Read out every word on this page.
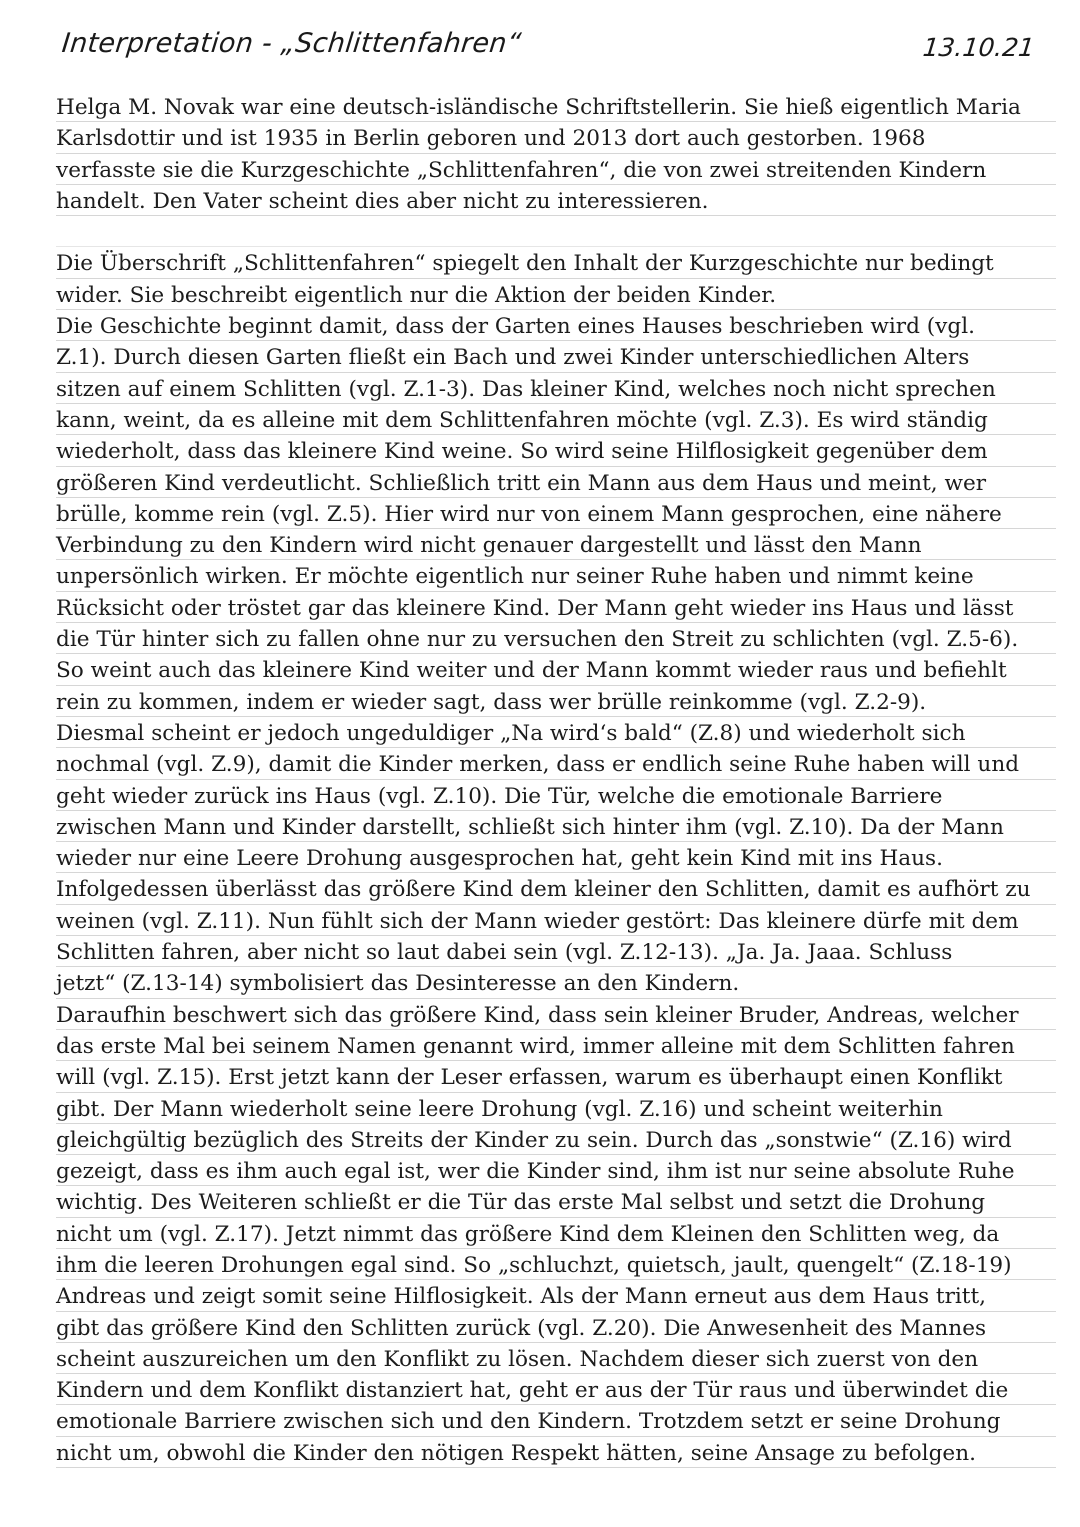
Interpretation - „Schlittenfahren“	13.10.21
Helga M. Novak war eine deutsch-isländische Schriftstellerin. Sie hieß eigentlich Maria
Karlsdottir und ist 1935 in Berlin geboren und 2013 dort auch gestorben. 1968
verfasste sie die Kurzgeschichte „Schlittenfahren“, die von zwei streitenden Kindern
handelt. Den Vater scheint dies aber nicht zu interessieren.

Die Überschrift „Schlittenfahren“ spiegelt den Inhalt der Kurzgeschichte nur bedingt
wider. Sie beschreibt eigentlich nur die Aktion der beiden Kinder.
Die Geschichte beginnt damit, dass der Garten eines Hauses beschrieben wird (vgl.
Z.1). Durch diesen Garten fließt ein Bach und zwei Kinder unterschiedlichen Alters
sitzen auf einem Schlitten (vgl. Z.1-3). Das kleiner Kind, welches noch nicht sprechen
kann, weint, da es alleine mit dem Schlittenfahren möchte (vgl. Z.3). Es wird ständig
wiederholt, dass das kleinere Kind weine. So wird seine Hilflosigkeit gegenüber dem
größeren Kind verdeutlicht. Schließlich tritt ein Mann aus dem Haus und meint, wer
brülle, komme rein (vgl. Z.5). Hier wird nur von einem Mann gesprochen, eine nähere
Verbindung zu den Kindern wird nicht genauer dargestellt und lässt den Mann
unpersönlich wirken. Er möchte eigentlich nur seiner Ruhe haben und nimmt keine
Rücksicht oder tröstet gar das kleinere Kind. Der Mann geht wieder ins Haus und lässt
die Tür hinter sich zu fallen ohne nur zu versuchen den Streit zu schlichten (vgl. Z.5-6).
So weint auch das kleinere Kind weiter und der Mann kommt wieder raus und befiehlt
rein zu kommen, indem er wieder sagt, dass wer brülle reinkomme (vgl. Z.2-9).
Diesmal scheint er jedoch ungeduldiger „Na wird‘s bald“ (Z.8) und wiederholt sich
nochmal (vgl. Z.9), damit die Kinder merken, dass er endlich seine Ruhe haben will und
geht wieder zurück ins Haus (vgl. Z.10). Die Tür, welche die emotionale Barriere
zwischen Mann und Kinder darstellt, schließt sich hinter ihm (vgl. Z.10). Da der Mann
wieder nur eine Leere Drohung ausgesprochen hat, geht kein Kind mit ins Haus.
Infolgedessen überlässt das größere Kind dem kleiner den Schlitten, damit es aufhört zu
weinen (vgl. Z.11). Nun fühlt sich der Mann wieder gestört: Das kleinere dürfe mit dem
Schlitten fahren, aber nicht so laut dabei sein (vgl. Z.12-13). „Ja. Ja. Jaaa. Schluss
jetzt“ (Z.13-14) symbolisiert das Desinteresse an den Kindern.
Daraufhin beschwert sich das größere Kind, dass sein kleiner Bruder, Andreas, welcher
das erste Mal bei seinem Namen genannt wird, immer alleine mit dem Schlitten fahren
will (vgl. Z.15). Erst jetzt kann der Leser erfassen, warum es überhaupt einen Konflikt
gibt. Der Mann wiederholt seine leere Drohung (vgl. Z.16) und scheint weiterhin
gleichgültig bezüglich des Streits der Kinder zu sein. Durch das „sonstwie“ (Z.16) wird
gezeigt, dass es ihm auch egal ist, wer die Kinder sind, ihm ist nur seine absolute Ruhe
wichtig. Des Weiteren schließt er die Tür das erste Mal selbst und setzt die Drohung
nicht um (vgl. Z.17). Jetzt nimmt das größere Kind dem Kleinen den Schlitten weg, da
ihm die leeren Drohungen egal sind. So „schluchzt, quietsch, jault, quengelt“ (Z.18-19)
Andreas und zeigt somit seine Hilflosigkeit. Als der Mann erneut aus dem Haus tritt,
gibt das größere Kind den Schlitten zurück (vgl. Z.20). Die Anwesenheit des Mannes
scheint auszureichen um den Konflikt zu lösen. Nachdem dieser sich zuerst von den
Kindern und dem Konflikt distanziert hat, geht er aus der Tür raus und überwindet die
emotionale Barriere zwischen sich und den Kindern. Trotzdem setzt er seine Drohung
nicht um, obwohl die Kinder den nötigen Respekt hätten, seine Ansage zu befolgen.
